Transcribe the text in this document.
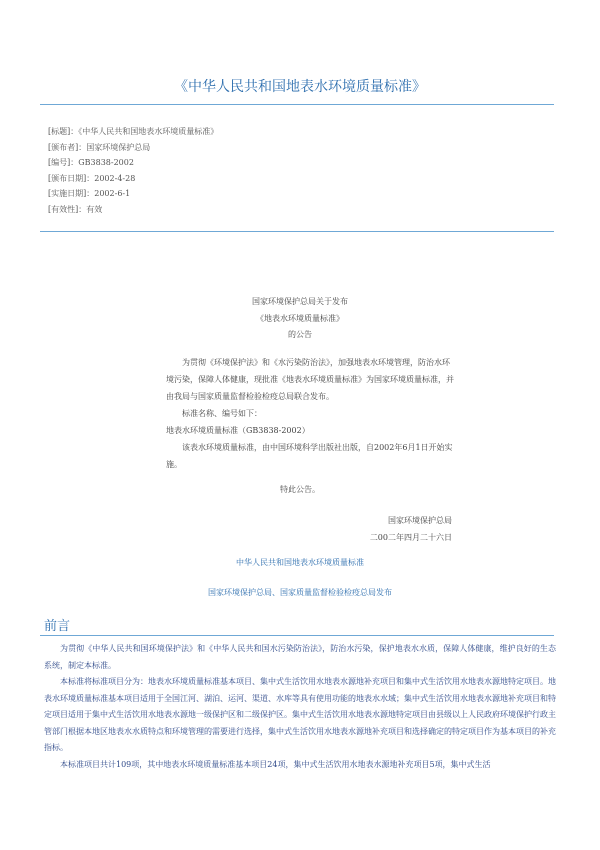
《中华人民共和国地表水环境质量标准》
[标题]：《中华人民共和国地表水环境质量标准》
[颁布者]：国家环境保护总局
[编号]：GB3838-2002
[颁布日期]：2002-4-28
[实施日期]：2002-6-1
[有效性]：有效
国家环境保护总局关于发布
《地表水环境质量标准》
的公告

为贯彻《环境保护法》和《水污染防治法》，加强地表水环境管理，防治水环境污染，保障人体健康，现批准《地表水环境质量标准》为国家环境质量标准，并由我局与国家质量监督检验检疫总局联合发布。

标准名称、编号如下：

地表水环境质量标准（GB3838-2002）

该表水环境质量标准，由中国环境科学出版社出版，自2002年6月1日开始实施。

特此公告。
国家环境保护总局
二00二年四月二十六日
中华人民共和国地表水环境质量标准
国家环境保护总局、国家质量监督检验检疫总局发布
前言

为贯彻《中华人民共和国环境保护法》和《中华人民共和国水污染防治法》，防治水污染，保护地表水水质，保障人体健康，维护良好的生态系统，制定本标准。

本标准将标准项目分为：地表水环境质量标准基本项目、集中式生活饮用水地表水源地补充项目和集中式生活饮用水地表水源地特定项目。地表水环境质量标准基本项目适用于全国江河、湖泊、运河、渠道、水库等具有使用功能的地表水水域；集中式生活饮用水地表水源地补充项目和特定项目适用于集中式生活饮用水地表水源地一级保护区和二级保护区。集中式生活饮用水地表水源地特定项目由县级以上人民政府环境保护行政主管部门根据本地区地表水水质特点和环境管理的需要进行选择，集中式生活饮用水地表水源地补充项目和选择确定的特定项目作为基本项目的补充指标。

本标准项目共计109项，其中地表水环境质量标准基本项目24项，集中式生活饮用水地表水源地补充项目5项，集中式生活
